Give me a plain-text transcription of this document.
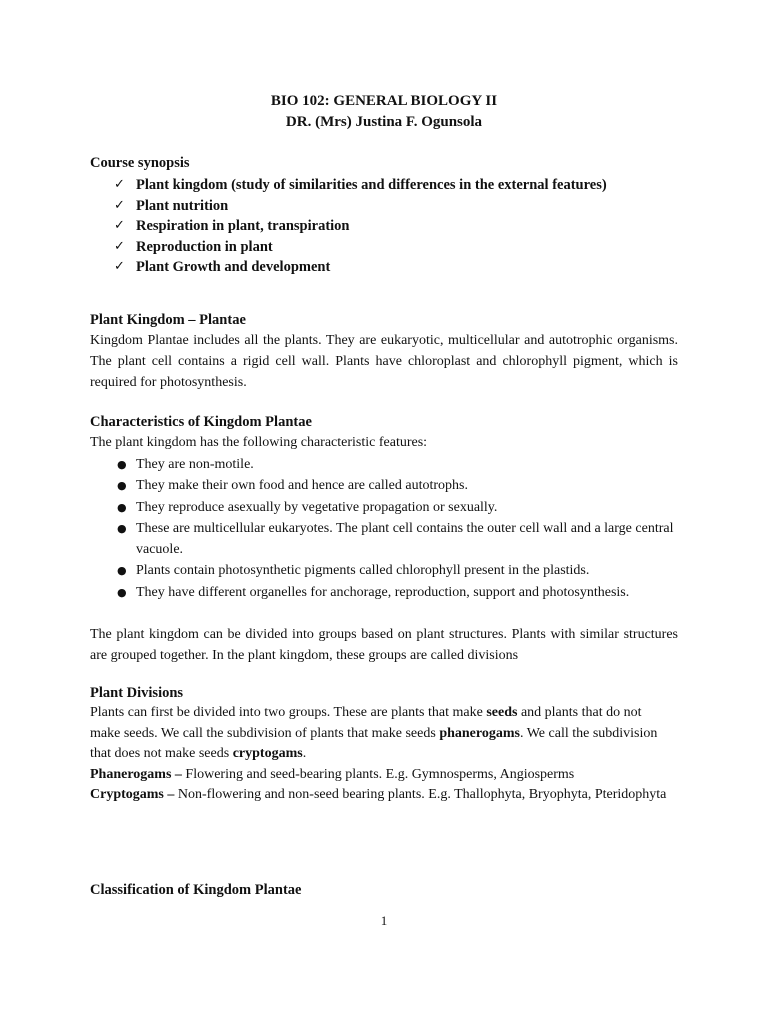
BIO 102: GENERAL BIOLOGY II
DR. (Mrs) Justina F. Ogunsola
Course synopsis
✓ Plant kingdom (study of similarities and differences in the external features)
✓ Plant nutrition
✓ Respiration in plant, transpiration
✓ Reproduction in plant
✓ Plant Growth and development
Plant Kingdom – Plantae
Kingdom Plantae includes all the plants. They are eukaryotic, multicellular and autotrophic organisms. The plant cell contains a rigid cell wall. Plants have chloroplast and chlorophyll pigment, which is required for photosynthesis.
Characteristics of Kingdom Plantae
The plant kingdom has the following characteristic features:
● They are non-motile.
● They make their own food and hence are called autotrophs.
● They reproduce asexually by vegetative propagation or sexually.
● These are multicellular eukaryotes. The plant cell contains the outer cell wall and a large central vacuole.
● Plants contain photosynthetic pigments called chlorophyll present in the plastids.
● They have different organelles for anchorage, reproduction, support and photosynthesis.
The plant kingdom can be divided into groups based on plant structures. Plants with similar structures are grouped together. In the plant kingdom, these groups are called divisions
Plant Divisions
Plants can first be divided into two groups. These are plants that make seeds and plants that do not make seeds. We call the subdivision of plants that make seeds phanerogams. We call the subdivision that does not make seeds cryptogams.
Phanerogams – Flowering and seed-bearing plants. E.g. Gymnosperms, Angiosperms
Cryptogams – Non-flowering and non-seed bearing plants. E.g. Thallophyta, Bryophyta, Pteridophyta
Classification of Kingdom Plantae
1
